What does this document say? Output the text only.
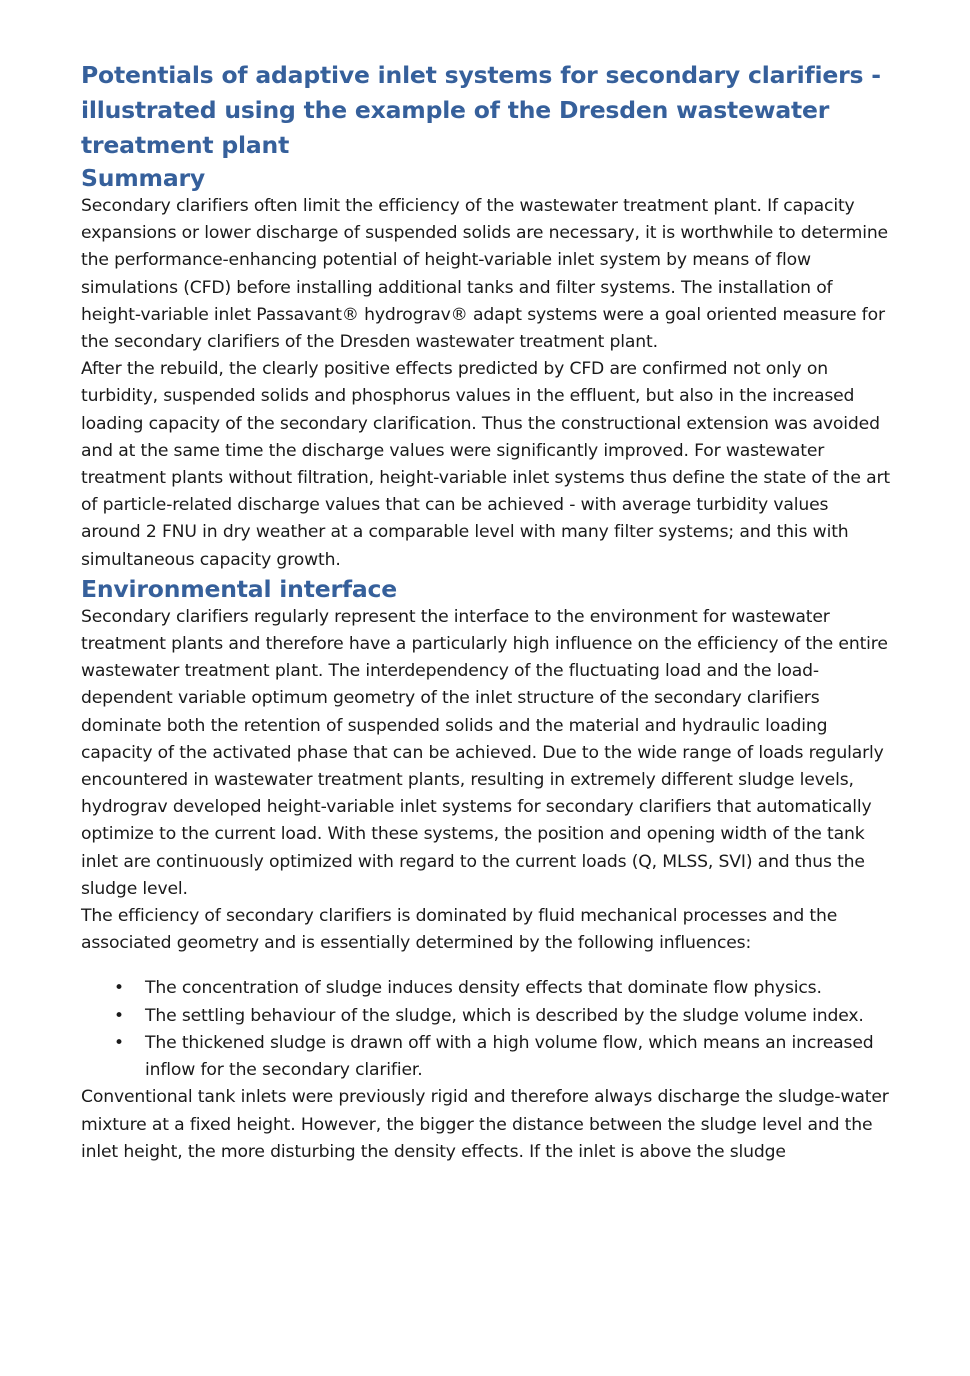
Potentials of adaptive inlet systems for secondary clarifiers - illustrated using the example of the Dresden wastewater treatment plant
Summary

Secondary clarifiers often limit the efficiency of the wastewater treatment plant. If capacity expansions or lower discharge of suspended solids are necessary, it is worthwhile to determine the performance-enhancing potential of height-variable inlet system by means of flow simulations (CFD) before installing additional tanks and filter systems. The installation of height-variable inlet Passavant® hydrograv® adapt systems were a goal oriented measure for the secondary clarifiers of the Dresden wastewater treatment plant.

After the rebuild, the clearly positive effects predicted by CFD are confirmed not only on turbidity, suspended solids and phosphorus values in the effluent, but also in the increased loading capacity of the secondary clarification. Thus the constructional extension was avoided and at the same time the discharge values were significantly improved. For wastewater treatment plants without filtration, height-variable inlet systems thus define the state of the art of particle-related discharge values that can be achieved - with average turbidity values around 2 FNU in dry weather at a comparable level with many filter systems; and this with simultaneous capacity growth.

Environmental interface

Secondary clarifiers regularly represent the interface to the environment for wastewater treatment plants and therefore have a particularly high influence on the efficiency of the entire wastewater treatment plant. The interdependency of the fluctuating load and the load-dependent variable optimum geometry of the inlet structure of the secondary clarifiers dominate both the retention of suspended solids and the material and hydraulic loading capacity of the activated phase that can be achieved. Due to the wide range of loads regularly encountered in wastewater treatment plants, resulting in extremely different sludge levels, hydrograv developed height-variable inlet systems for secondary clarifiers that automatically optimize to the current load. With these systems, the position and opening width of the tank inlet are continuously optimized with regard to the current loads (Q, MLSS, SVI) and thus the sludge level.

The efficiency of secondary clarifiers is dominated by fluid mechanical processes and the associated geometry and is essentially determined by the following influences:

•	The concentration of sludge induces density effects that dominate flow physics.
•	The settling behaviour of the sludge, which is described by the sludge volume index.
•	The thickened sludge is drawn off with a high volume flow, which means an increased inflow for the secondary clarifier.

Conventional tank inlets were previously rigid and therefore always discharge the sludge-water mixture at a fixed height. However, the bigger the distance between the sludge level and the inlet height, the more disturbing the density effects. If the inlet is above the sludge
